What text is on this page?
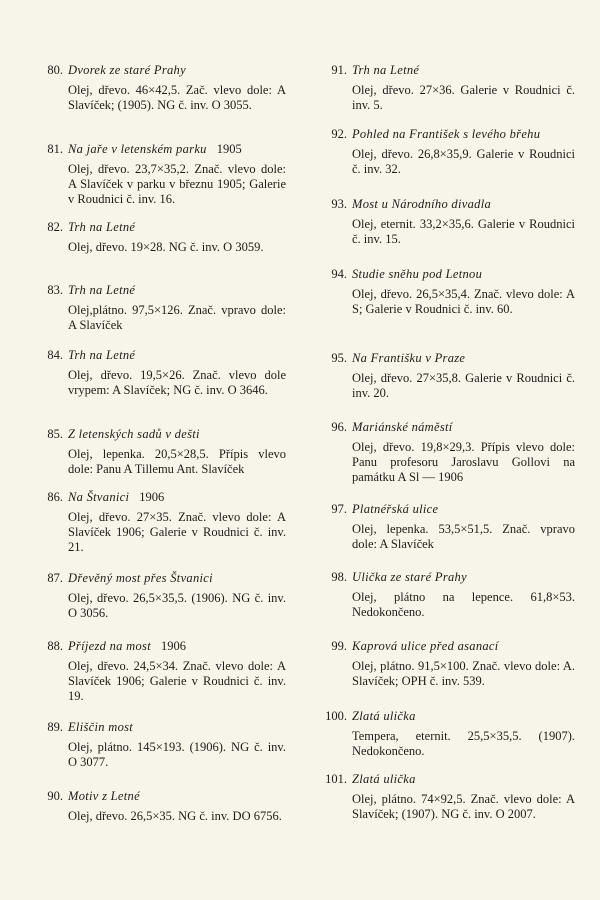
80. Dvorek ze staré Prahy
Olej, dřevo. 46×42,5. Zač. vlevo dole: A Slavíček; (1905). NG č. inv. O 3055.
81. Na jaře v letenském parku 1905
Olej, dřevo. 23,7×35,2. Znač. vlevo dole: A Slavíček v parku v březnu 1905; Galerie v Roudnici č. inv. 16.
82. Trh na Letné
Olej, dřevo. 19×28. NG č. inv. O 3059.
83. Trh na Letné
Olej,plátno. 97,5×126. Znač. vpravo dole: A Slavíček
84. Trh na Letné
Olej, dřevo. 19,5×26. Znač. vlevo dole vrypem: A Slavíček; NG č. inv. O 3646.
85. Z letenských sadů v dešti
Olej, lepenka. 20,5×28,5. Přípis vlevo dole: Panu A Tillemu Ant. Slavíček
86. Na Štvanici 1906
Olej, dřevo. 27×35. Znač. vlevo dole: A Slavíček 1906; Galerie v Roudnici č. inv. 21.
87. Dřevěný most přes Štvanici
Olej, dřevo. 26,5×35,5. (1906). NG č. inv. O 3056.
88. Příjezd na most 1906
Olej, dřevo. 24,5×34. Znač. vlevo dole: A Slavíček 1906; Galerie v Roudnici č. inv. 19.
89. Eliščin most
Olej, plátno. 145×193. (1906). NG č. inv. O 3077.
90. Motiv z Letné
Olej, dřevo. 26,5×35. NG č. inv. DO 6756.
91. Trh na Letné
Olej, dřevo. 27×36. Galerie v Roudnici č. inv. 5.
92. Pohled na František s levého břehu
Olej, dřevo. 26,8×35,9. Galerie v Roudnici č. inv. 32.
93. Most u Národního divadla
Olej, eternit. 33,2×35,6. Galerie v Roudnici č. inv. 15.
94. Studie sněhu pod Letnou
Olej, dřevo. 26,5×35,4. Znač. vlevo dole: A S; Galerie v Roudnici č. inv. 60.
95. Na Františku v Praze
Olej, dřevo. 27×35,8. Galerie v Roudnici č. inv. 20.
96. Mariánské náměstí
Olej, dřevo. 19,8×29,3. Přípis vlevo dole: Panu profesoru Jaroslavu Gollovi na památku A Sl — 1906
97. Platnéřská ulice
Olej, lepenka. 53,5×51,5. Znač. vpravo dole: A Slavíček
98. Ulička ze staré Prahy
Olej, plátno na lepence. 61,8×53. Nedokončeno.
99. Kaprová ulice před asanací
Olej, plátno. 91,5×100. Znač. vlevo dole: A. Slavíček; OPH č. inv. 539.
100. Zlatá ulička
Tempera, eternit. 25,5×35,5. (1907). Nedokončeno.
101. Zlatá ulička
Olej, plátno. 74×92,5. Znač. vlevo dole: A Slavíček; (1907). NG č. inv. O 2007.
